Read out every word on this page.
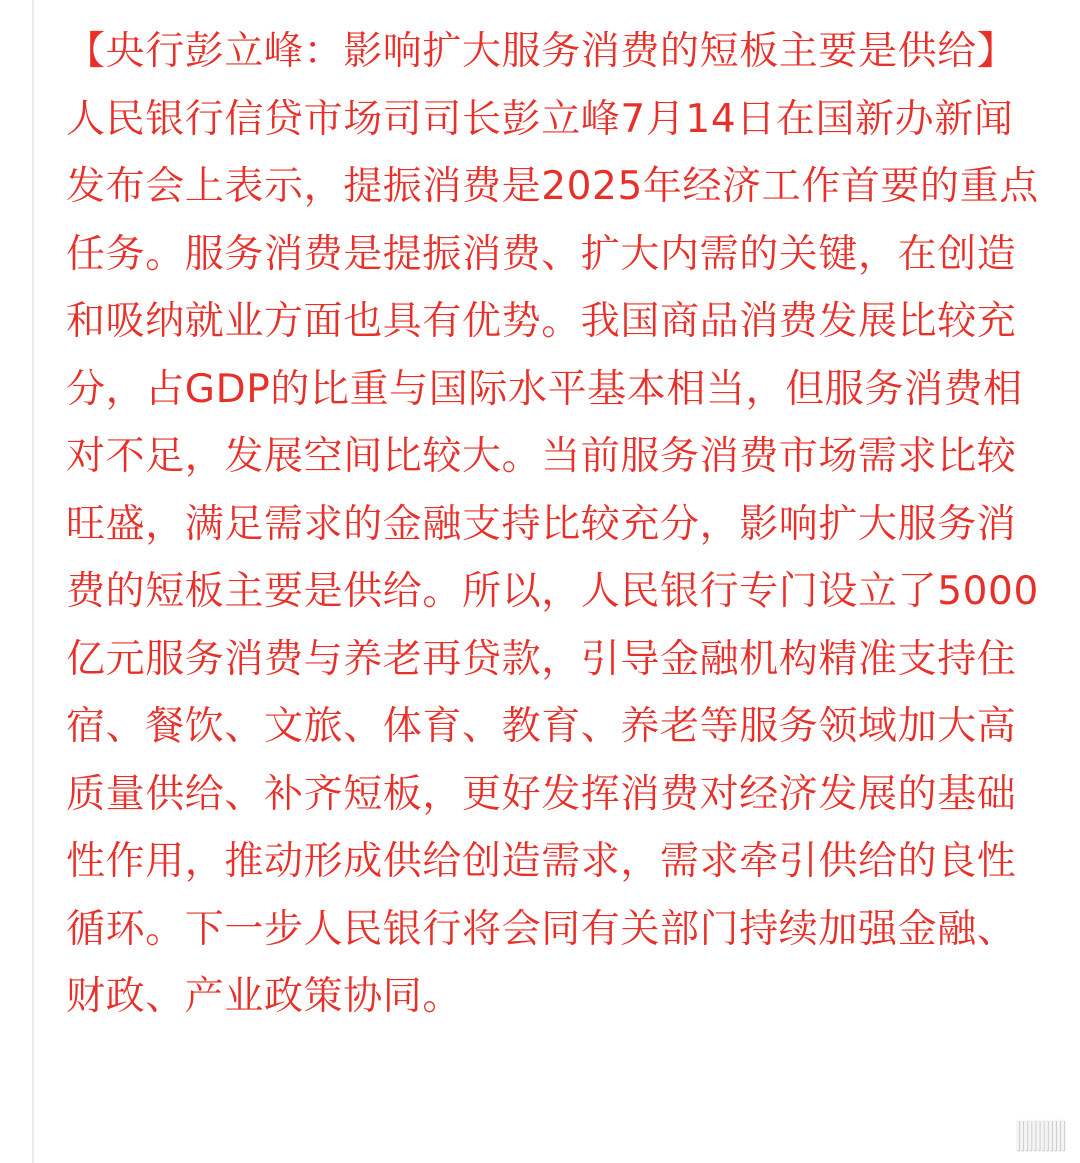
【央行彭立峰：影响扩大服务消费的短板主要是供给】

人民银行信贷市场司司长彭立峰7月14日在国新办新闻发布会上表示，提振消费是2025年经济工作首要的重点任务。服务消费是提振消费、扩大内需的关键，在创造和吸纳就业方面也具有优势。我国商品消费发展比较充分，占GDP的比重与国际水平基本相当，但服务消费相对不足，发展空间比较大。当前服务消费市场需求比较旺盛，满足需求的金融支持比较充分，影响扩大服务消费的短板主要是供给。所以，人民银行专门设立了5000亿元服务消费与养老再贷款，引导金融机构精准支持住宿、餐饮、文旅、体育、教育、养老等服务领域加大高质量供给、补齐短板，更好发挥消费对经济发展的基础性作用，推动形成供给创造需求，需求牵引供给的良性循环。下一步人民银行将会同有关部门持续加强金融、财政、产业政策协同。

||||||||||||
